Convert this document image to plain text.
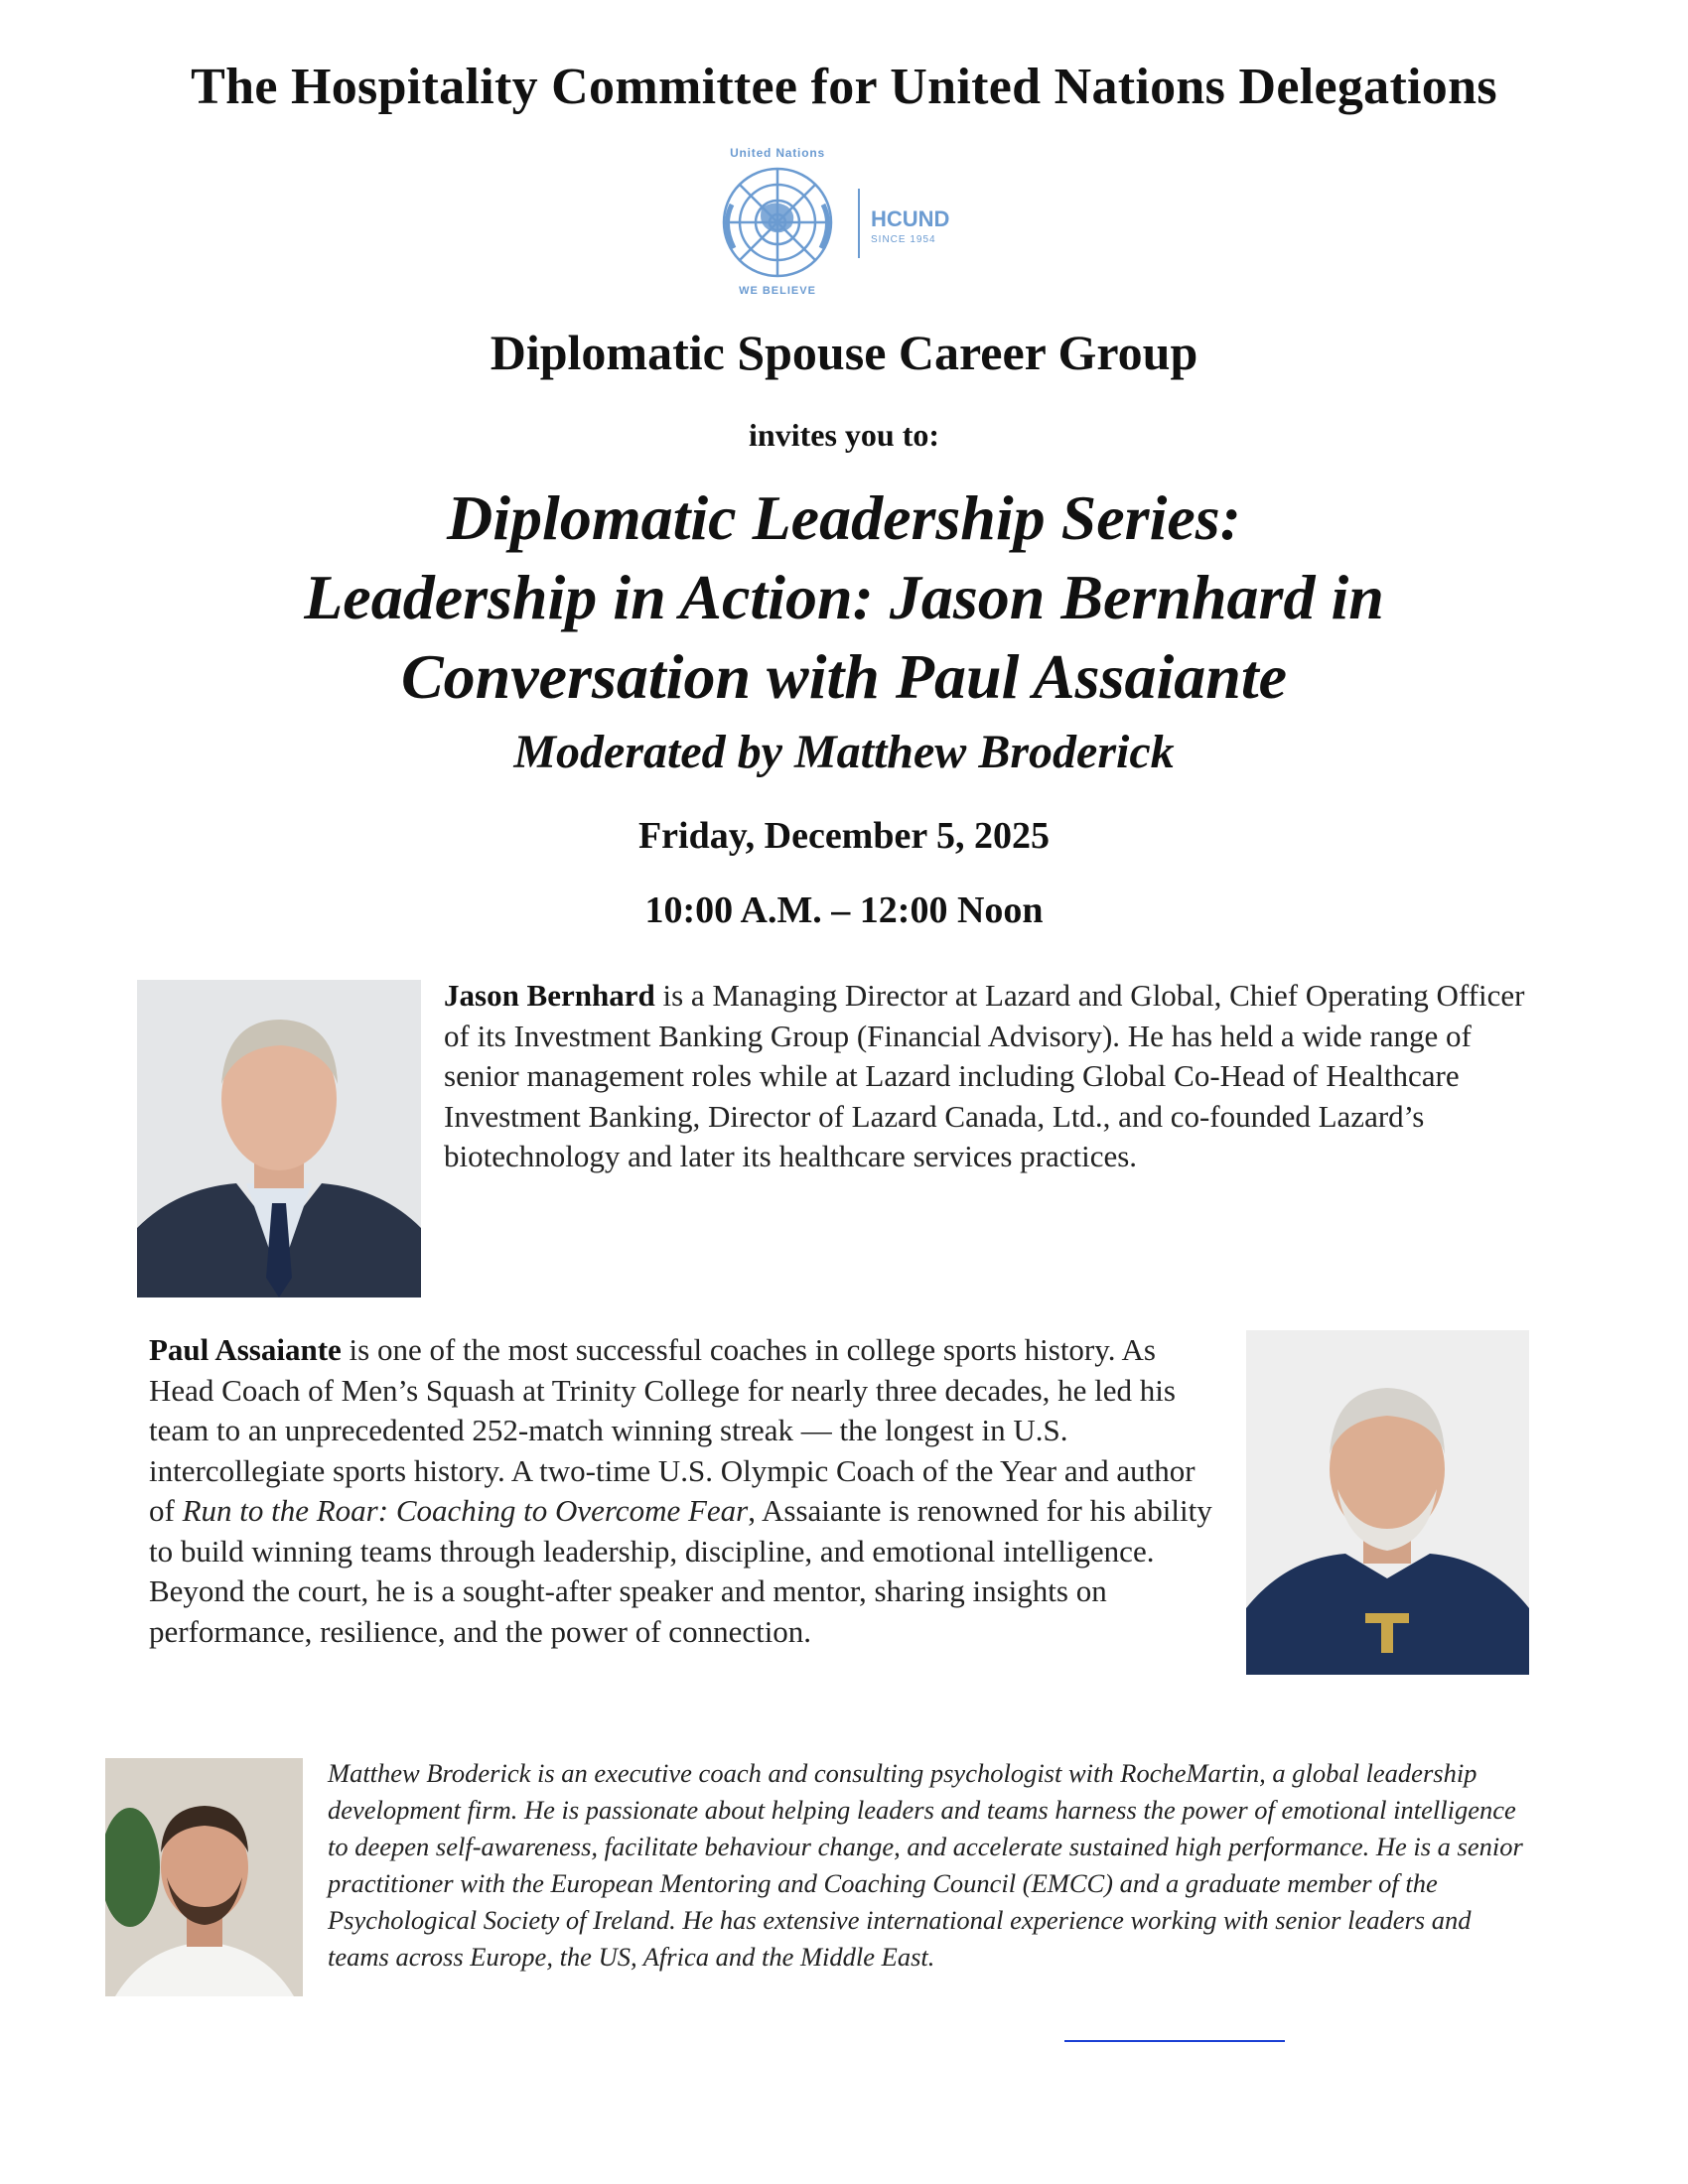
The Hospitality Committee for United Nations Delegations
United Nations
WE BELIEVE
HCUND
SINCE 1954
Diplomatic Spouse Career Group
invites you to:
Diplomatic Leadership Series:
Leadership in Action: Jason Bernhard in
Conversation with Paul Assaiante
Moderated by Matthew Broderick
Friday, December 5, 2025
10:00 A.M. – 12:00 Noon
Jason Bernhard is a Managing Director at Lazard and Global, Chief Operating Officer of its Investment Banking Group (Financial Advisory). He has held a wide range of senior management roles while at Lazard including Global Co-Head of Healthcare Investment Banking, Director of Lazard Canada, Ltd., and co-founded Lazard’s biotechnology and later its healthcare services practices.
Paul Assaiante is one of the most successful coaches in college sports history. As Head Coach of Men’s Squash at Trinity College for nearly three decades, he led his team to an unprecedented 252-match winning streak — the longest in U.S. intercollegiate sports history. A two-time U.S. Olympic Coach of the Year and author of Run to the Roar: Coaching to Overcome Fear, Assaiante is renowned for his ability to build winning teams through leadership, discipline, and emotional intelligence. Beyond the court, he is a sought-after speaker and mentor, sharing insights on performance, resilience, and the power of connection.
Matthew Broderick is an executive coach and consulting psychologist with RocheMartin, a global leadership development firm. He is passionate about helping leaders and teams harness the power of emotional intelligence to deepen self-awareness, facilitate behaviour change, and accelerate sustained high performance. He is a senior practitioner with the European Mentoring and Coaching Council (EMCC) and a graduate member of the Psychological Society of Ireland. He has extensive international experience working with senior leaders and teams across Europe, the US, Africa and the Middle East.
